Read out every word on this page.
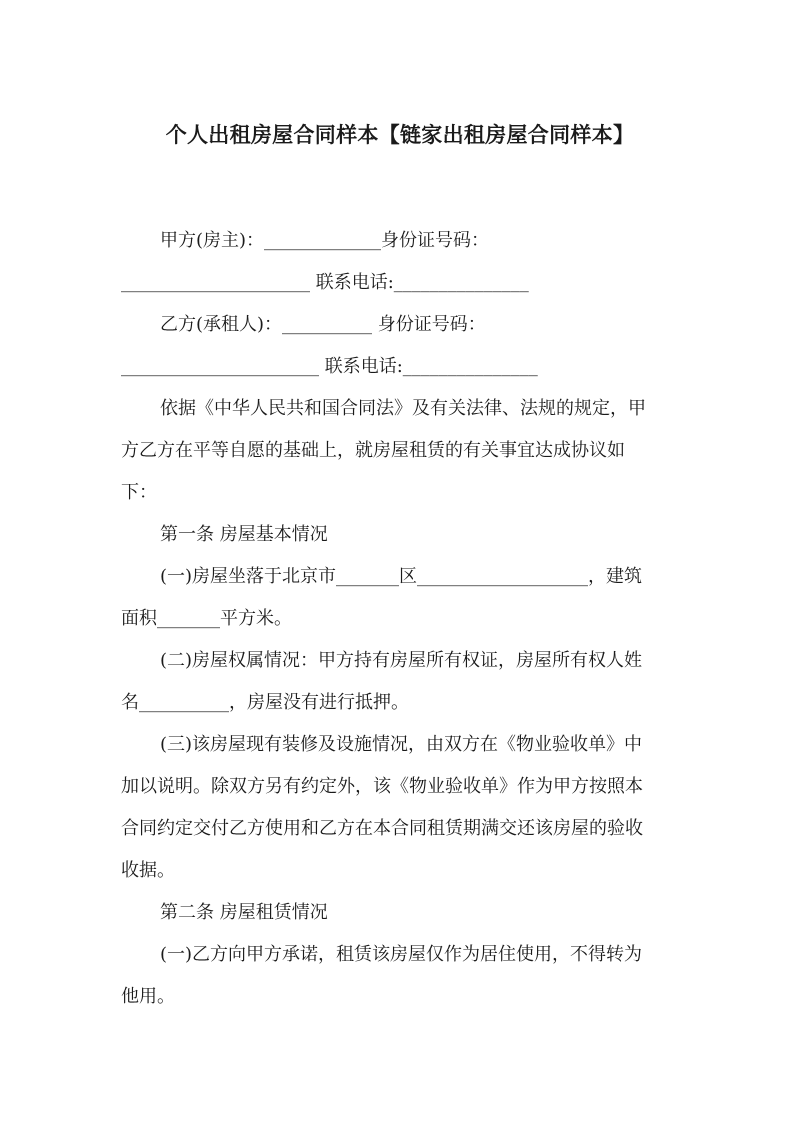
个人出租房屋合同样本【链家出租房屋合同样本】

甲方(房主)：_____________身份证号码：

_____________________ 联系电话:_______________

乙方(承租人)：__________ 身份证号码：

______________________ 联系电话:_______________

依据《中华人民共和国合同法》及有关法律、法规的规定，甲

方乙方在平等自愿的基础上，就房屋租赁的有关事宜达成协议如

下：

第一条 房屋基本情况

(一)房屋坐落于北京市_______区___________________，建筑

面积_______平方米。

(二)房屋权属情况：甲方持有房屋所有权证，房屋所有权人姓

名__________，房屋没有进行抵押。

(三)该房屋现有装修及设施情况，由双方在《物业验收单》中

加以说明。除双方另有约定外，该《物业验收单》作为甲方按照本

合同约定交付乙方使用和乙方在本合同租赁期满交还该房屋的验收

收据。

第二条 房屋租赁情况

(一)乙方向甲方承诺，租赁该房屋仅作为居住使用，不得转为

他用。
